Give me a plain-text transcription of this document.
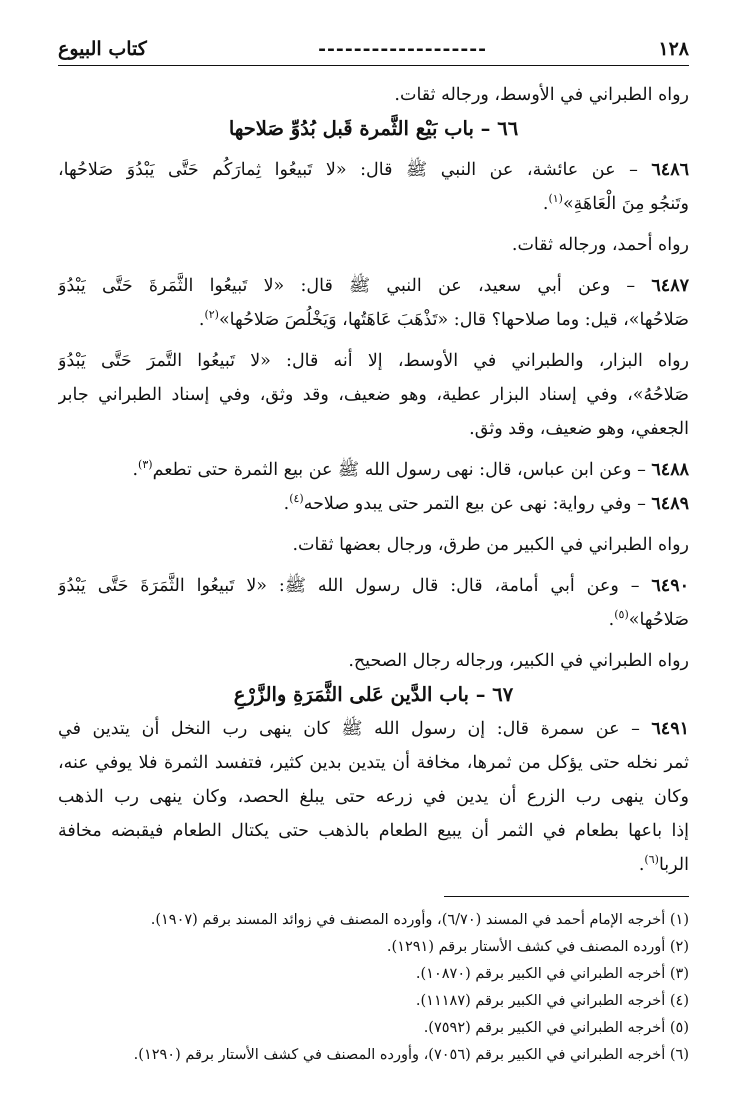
١٢٨
-------------------
كتاب البيوع
رواه الطبراني في الأوسط، ورجاله ثقات.
٦٦ – باب بَيْع الثَّمرة قَبل بُدُوِّ صَلاحها
٦٤٨٦ – عن عائشة، عن النبي ﷺ قال: «لا تَبيعُوا ثِمارَكُم حَتَّى يَبْدُوَ صَلاحُها،
وتَنجُو مِنَ الْعَاهَةِ»$^{(١)}$.
رواه أحمد، ورجاله ثقات.
٦٤٨٧ – وعن أبي سعيد، عن النبي ﷺ قال: «لا تَبيعُوا الثَّمَرةَ حَتَّى يَبْدُوَ
صَلاحُها»، قيل: وما صلاحها؟ قال: «تَذْهَبَ عَاهَتُها، وَيَخْلُصَ صَلاحُها»$^{(٢)}$.
رواه البزار، والطبراني في الأوسط، إلا أنه قال: «لا تَبيعُوا التَّمرَ حَتَّى يَبْدُوَ
صَلاحُهُ»، وفي إسناد البزار عطية، وهو ضعيف، وقد وثق، وفي إسناد الطبراني جابر
الجعفي، وهو ضعيف، وقد وثق.
٦٤٨٨ – وعن ابن عباس، قال: نهى رسول الله ﷺ عن بيع الثمرة حتى تطعم$^{(٣)}$.
٦٤٨٩ – وفي رواية: نهى عن بيع التمر حتى يبدو صلاحه$^{(٤)}$.
رواه الطبراني في الكبير من طرق، ورجال بعضها ثقات.
٦٤٩٠ – وعن أبي أمامة، قال: قال رسول الله ﷺ: «لا تَبيعُوا الثَّمَرَةَ حَتَّى يَبْدُوَ
صَلاحُها»$^{(٥)}$.
رواه الطبراني في الكبير، ورجاله رجال الصحيح.
٦٧ – باب الدَّين عَلى الثَّمَرَةِ والزَّرْعِ
٦٤٩١ – عن سمرة قال: إن رسول الله ﷺ كان ينهى رب النخل أن يتدين في
ثمر نخله حتى يؤكل من ثمرها، مخافة أن يتدين بدين كثير، فتفسد الثمرة فلا يوفي عنه،
وكان ينهى رب الزرع أن يدين في زرعه حتى يبلغ الحصد، وكان ينهى رب الذهب
إذا باعها بطعام في الثمر أن يبيع الطعام بالذهب حتى يكتال الطعام فيقبضه مخافة
الربا$^{(٦)}$.
(١) أخرجه الإمام أحمد في المسند (٦/٧٠)، وأورده المصنف في زوائد المسند برقم (١٩٠٧).
(٢) أورده المصنف في كشف الأستار برقم (١٢٩١).
(٣) أخرجه الطبراني في الكبير برقم (١٠٨٧٠).
(٤) أخرجه الطبراني في الكبير برقم (١١١٨٧).
(٥) أخرجه الطبراني في الكبير برقم (٧٥٩٢).
(٦) أخرجه الطبراني في الكبير برقم (٧٠٥٦)، وأورده المصنف في كشف الأستار برقم (١٢٩٠).
